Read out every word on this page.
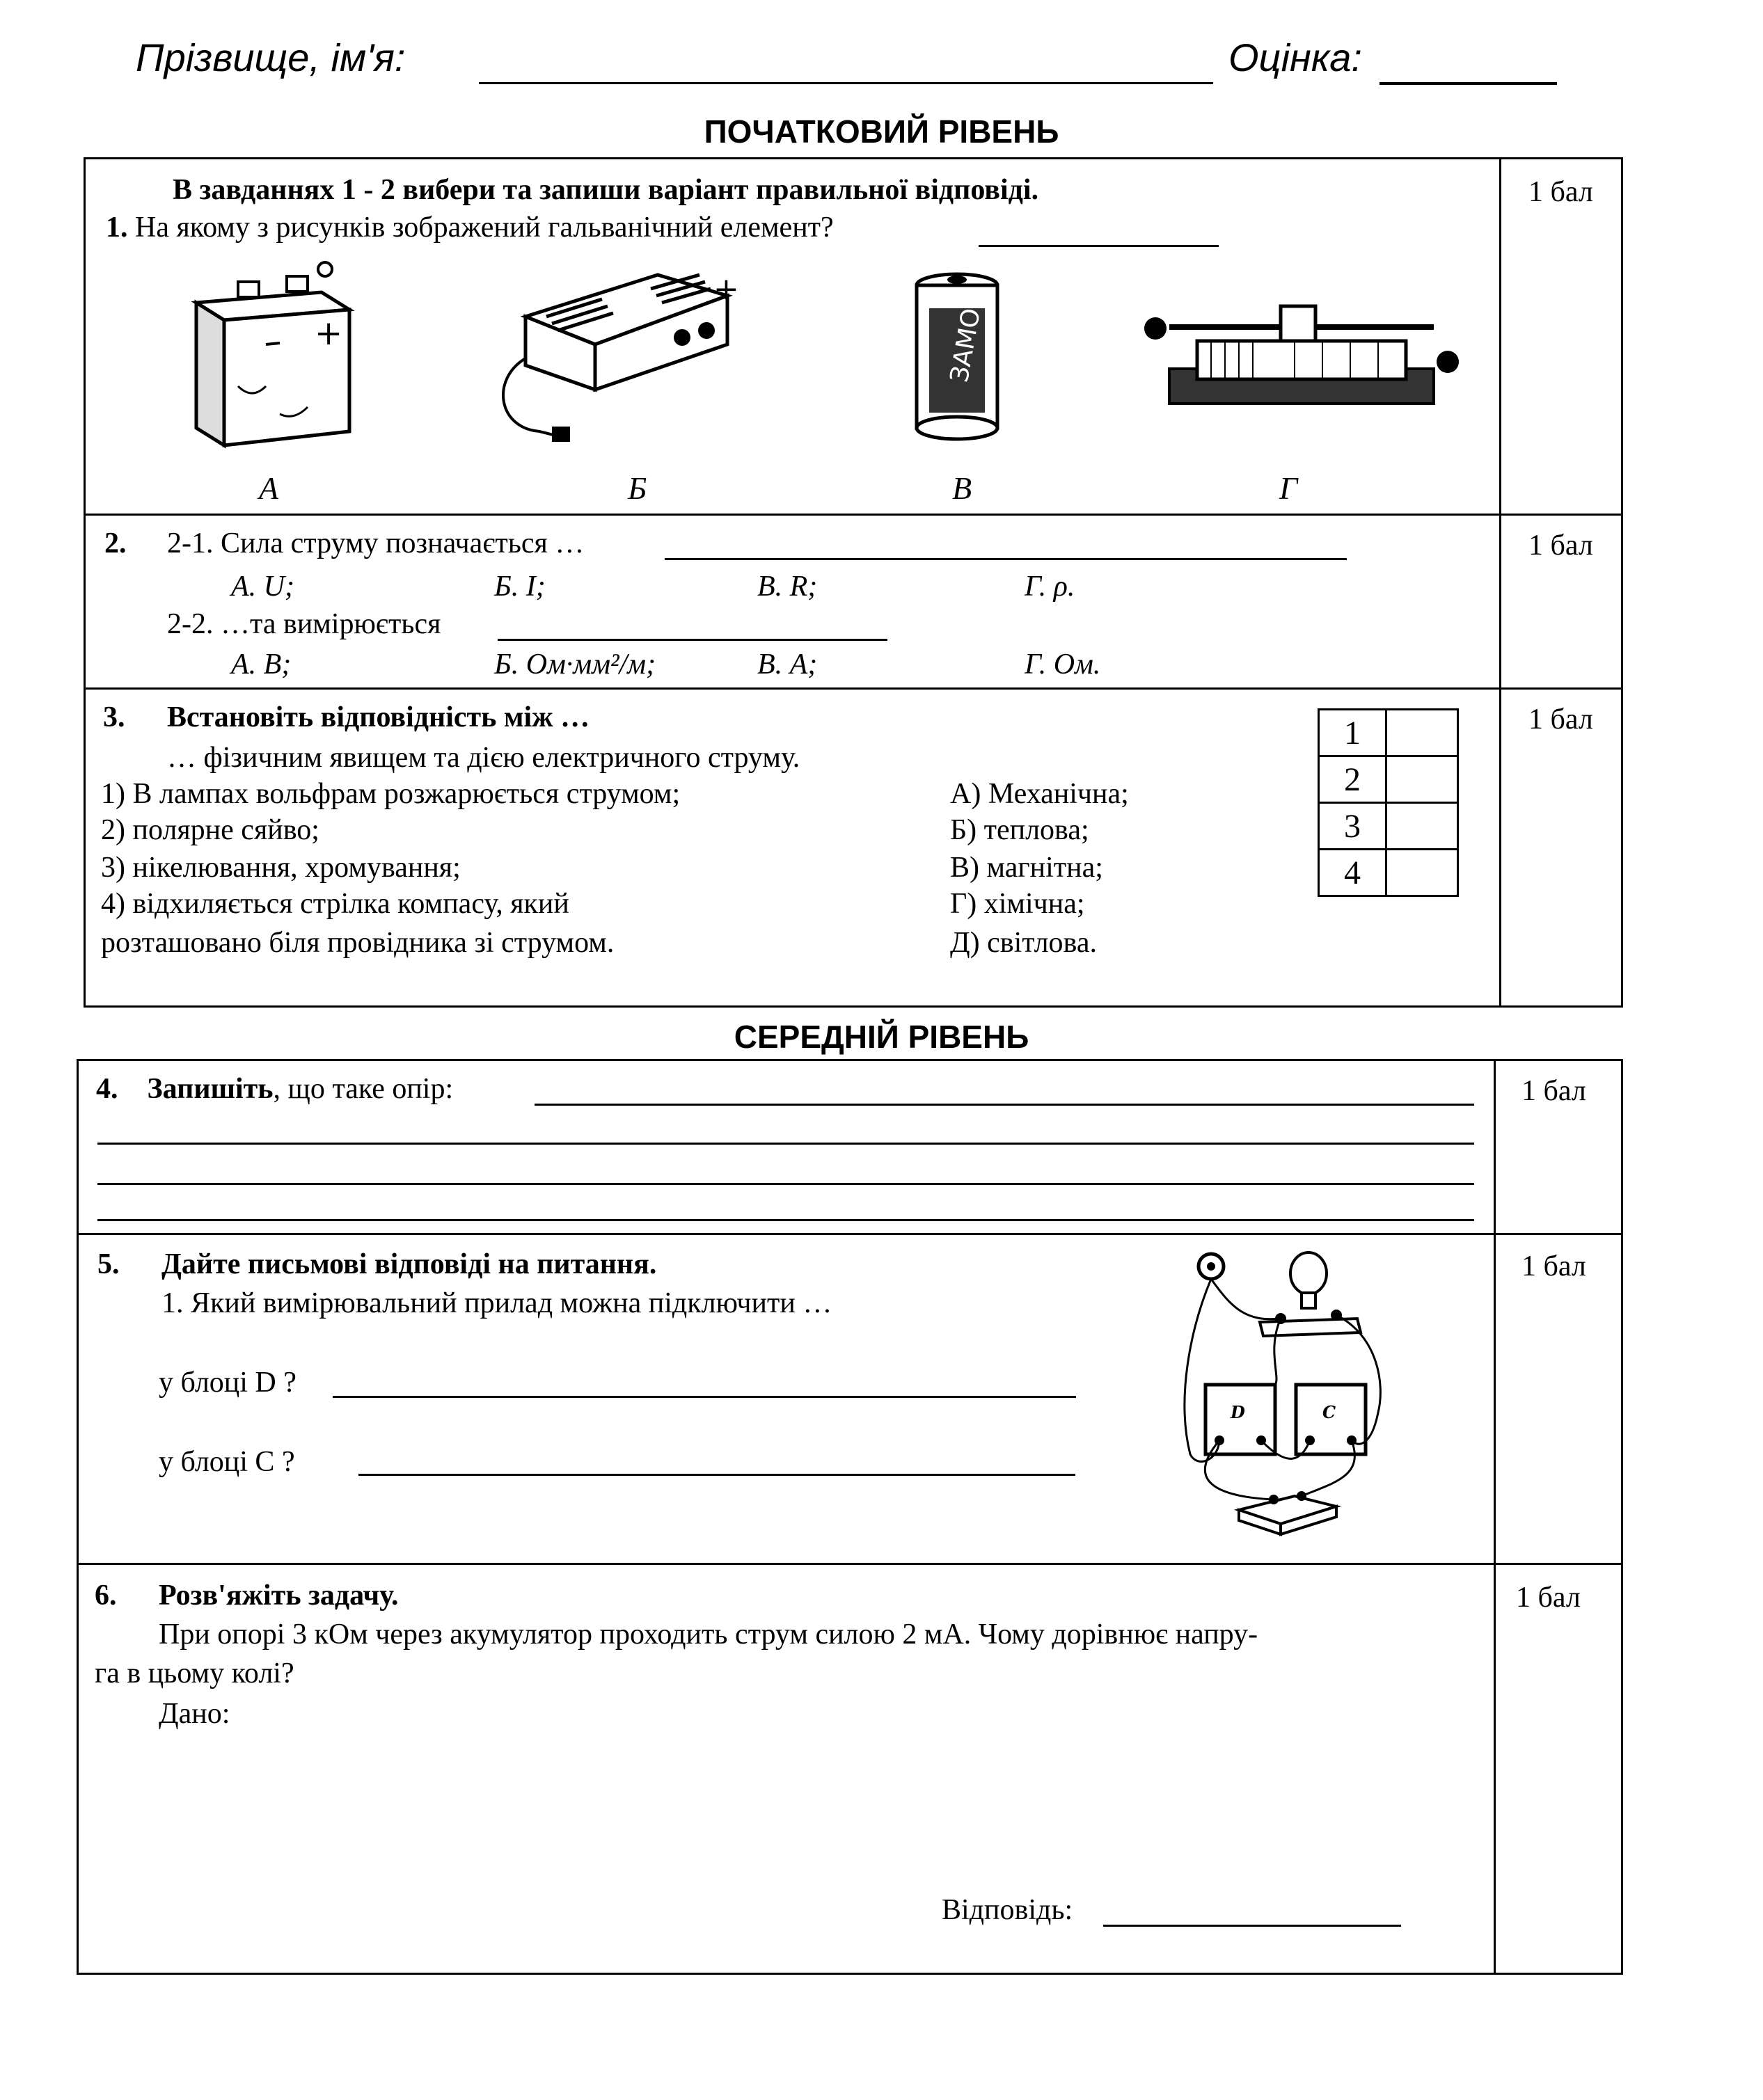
Прізвище, ім'я:	Оцінка:
ПОЧАТКОВИЙ РІВЕНЬ
В завданнях 1 - 2 вибери та запиши варіант правильної відповіді.
1. На якому з рисунків зображений гальванічний елемент?
1 бал
+
+	ЗАМОК
А	Б	В	Г
2. 2-1. Сила струму позначається …
А. U;	Б. I;	В. R;	Г. ρ.
2-2. …та вимірюється
А. В;	Б. Ом·мм²/м;	В. А;	Г. Ом.
1 бал
3. Встановіть відповідність між …
… фізичним явищем та дією електричного струму.
1) В лампах вольфрам розжарюється струмом;
2) полярне сяйво;
3) нікелювання, хромування;
4) відхиляється стрілка компасу, який
розташовано біля провідника зі струмом.
А) Механічна;
Б) теплова;
В) магнітна;
Г) хімічна;
Д) світлова.
1	
2	
3	
4	
1 бал
СЕРЕДНІЙ РІВЕНЬ
4. Запишіть, що таке опір:	1 бал
5. Дайте письмові відповіді на питання.
1. Який вимірювальний прилад можна підключити …
у блоці D ?
у блоці С ?
1 бал
D	C
6. Розв'яжіть задачу.
При опорі 3 кОм через акумулятор проходить струм силою 2 мА. Чому дорівнює напру-
га в цьому колі?
Дано:
Відповідь:
1 бал
